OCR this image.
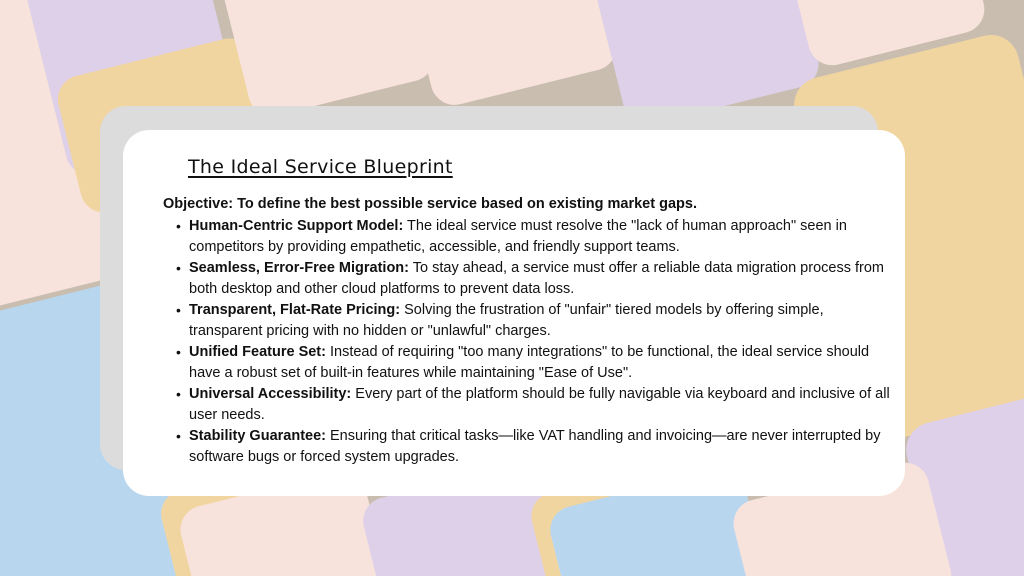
The Ideal Service Blueprint

Objective: To define the best possible service based on existing market gaps.

• Human-Centric Support Model: The ideal service must resolve the "lack of human approach" seen in competitors by providing empathetic, accessible, and friendly support teams.
• Seamless, Error-Free Migration: To stay ahead, a service must offer a reliable data migration process from both desktop and other cloud platforms to prevent data loss.
• Transparent, Flat-Rate Pricing: Solving the frustration of "unfair" tiered models by offering simple, transparent pricing with no hidden or "unlawful" charges.
• Unified Feature Set: Instead of requiring "too many integrations" to be functional, the ideal service should have a robust set of built-in features while maintaining "Ease of Use".
• Universal Accessibility: Every part of the platform should be fully navigable via keyboard and inclusive of all user needs.
• Stability Guarantee: Ensuring that critical tasks—like VAT handling and invoicing—are never interrupted by software bugs or forced system upgrades.
